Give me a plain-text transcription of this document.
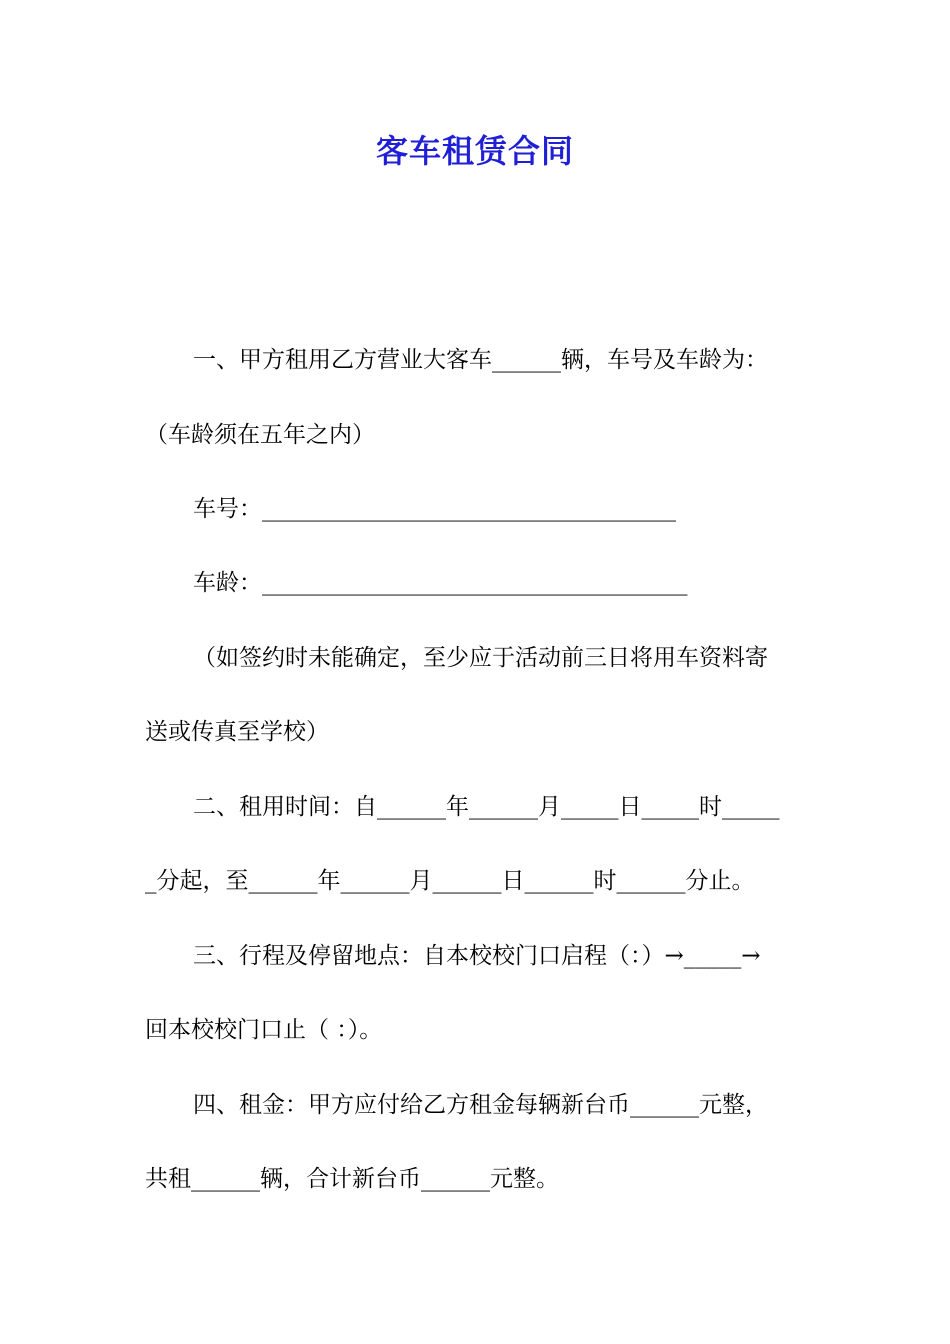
客车租赁合同
一、甲方租用乙方营业大客车______辆，车号及车龄为：
（车龄须在五年之内）
车号：____________________________________
车龄：_____________________________________
（如签约时未能确定，至少应于活动前三日将用车资料寄
送或传真至学校）
二、租用时间：自______年______月_____日_____时_____
_分起，至______年______月______日______时______分止。
三、行程及停留地点：自本校校门口启程（：）→_____→
回本校校门口止（ ：）。
四、租金：甲方应付给乙方租金每辆新台币______元整，
共租______辆，合计新台币______元整。
